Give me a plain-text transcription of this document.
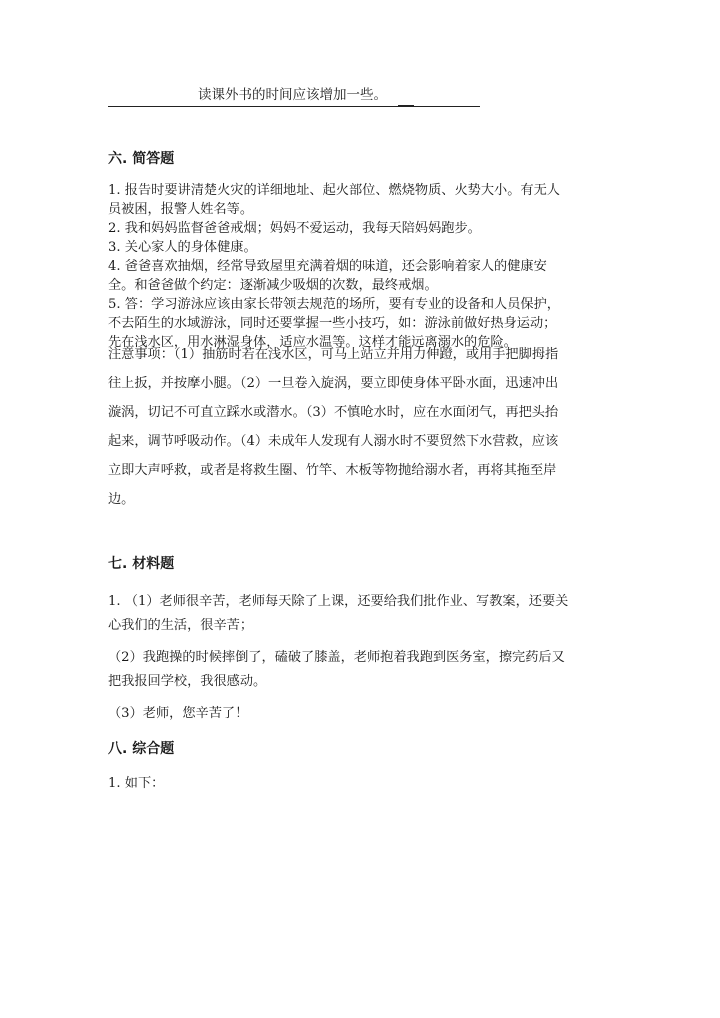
读课外书的时间应该增加一些。
六. 简答题

1. 报告时要讲清楚火灾的详细地址、起火部位、燃烧物质、火势大小。有无人

员被困，报警人姓名等。

2. 我和妈妈监督爸爸戒烟；妈妈不爱运动，我每天陪妈妈跑步。

3. 关心家人的身体健康。

4. 爸爸喜欢抽烟，经常导致屋里充满着烟的味道，还会影响着家人的健康安

全。和爸爸做个约定：逐渐减少吸烟的次数，最终戒烟。

5. 答：学习游泳应该由家长带领去规范的场所，要有专业的设备和人员保护，

不去陌生的水域游泳，同时还要掌握一些小技巧，如：游泳前做好热身运动；

先在浅水区，用水淋湿身体，适应水温等。这样才能远离溺水的危险。

注意事项：（1）抽筋时若在浅水区，可马上站立并用力伸蹬，或用手把脚拇指

往上扳，并按摩小腿。（2）一旦卷入旋涡，要立即使身体平卧水面，迅速冲出

漩涡，切记不可直立踩水或潜水。（3）不慎呛水时，应在水面闭气，再把头抬

起来，调节呼吸动作。（4）未成年人发现有人溺水时不要贸然下水营救，应该

立即大声呼救，或者是将救生圈、竹竿、木板等物抛给溺水者，再将其拖至岸

边。

七. 材料题

1. （1）老师很辛苦，老师每天除了上课，还要给我们批作业、写教案，还要关

心我们的生活，很辛苦；

（2）我跑操的时候摔倒了，磕破了膝盖，老师抱着我跑到医务室，擦完药后又

把我报回学校，我很感动。

（3）老师，您辛苦了！

八. 综合题

1. 如下：
